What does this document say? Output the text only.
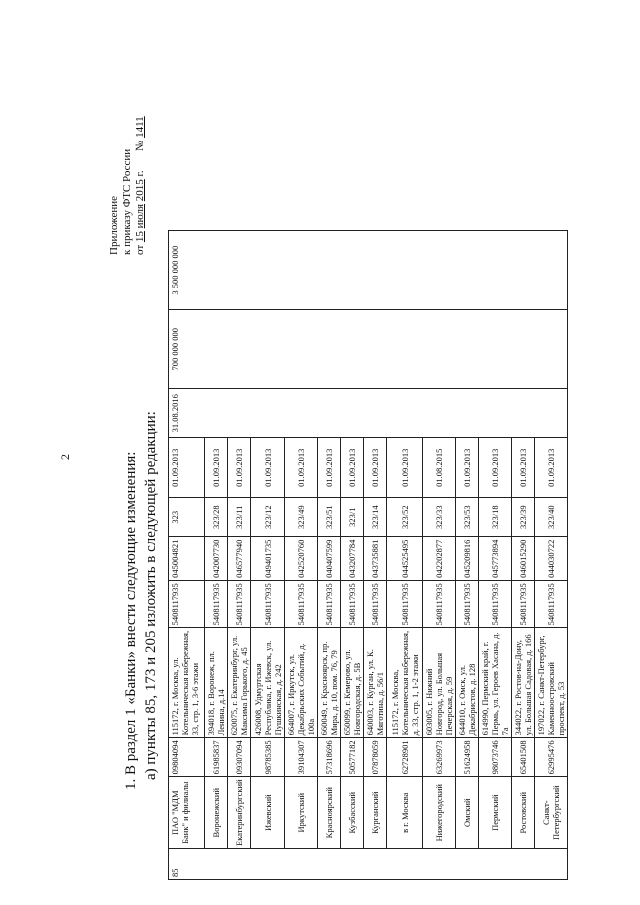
2
Приложение к приказу ФТС России от 15 июля 2015 г.       № 1411
1. В раздел 1 «Банки» внести следующие изменения: а) пункты 85, 173 и 205 изложить в следующей редакции:
85	ПАО "МДМ Банк" и филиалы	09804094	115172, г. Москва, ул. Котельническая набережная, 33, стр. 1, 3-6 этажи	5408117935	045004821	323	01.09.2013	31.08.2016	700 000 000	3 500 000 000
	Воронежский	61985837	394018, г. Воронеж, пл. Ленина, д.14	5408117935	042007730	323/28	01.09.2013			
	Екатеринбургский	09307094	620075, г. Екатеринбург, ул. Максима Горького, д. 45	5408117935	046577940	323/11	01.09.2013			
	Ижевский	98785385	426008, Удмуртская Республика, г. Ижевск, ул. Пушкинская, д. 242	5408117935	049401735	323/12	01.09.2013			
	Иркутский	39104307	664007, г. Иркутск, ул. Декабрьских Событий, д. 100а	5408117935	042520760	323/49	01.09.2013			
	Красноярский	57318696	660049, г. Красноярск, пр. Мира, д. 10, пом. 76, 79	5408117935	040407599	323/51	01.09.2013			
	Кузбасский	50577182	650099, г. Кемерово, ул. Новгородская, д. 5В	5408117935	043207784	323/1	01.09.2013			
	Курганский	07878059	640003, г. Курган, ул. К. Мяготина, д. 56/1	5408117935	043735881	323/14	01.09.2013			
	в г. Москва	62728901	115172, г. Москва, Котельническая набережная, д. 33, стр. 1, 1-2 этажи	5408117935	044525495	323/52	01.09.2013			
	Нижегородский	63269973	603005, г. Нижний Новгород, ул. Большая Печерская, д. 59	5408117935	042202877	323/33	01.08.2015			
	Омский	51624958	644010, г. Омск, ул. Декабристов, д. 128	5408117935	045209816	323/53	01.09.2013			
	Пермский	98073746	614990, Пермский край, г. Пермь, ул. Героев Хасана, д. 7а	5408117935	045773894	323/18	01.09.2013			
	Ростовский	65401508	344022, г. Ростов-на-Дону, ул. Большая Садовая, д. 166	5408117935	046015290	323/39	01.09.2013			
	Санкт-Петербургский	62995476	197022, г. Санкт-Петербург, Каменноостровский проспект, д. 53	5408117935	044030722	323/40	01.09.2013			
